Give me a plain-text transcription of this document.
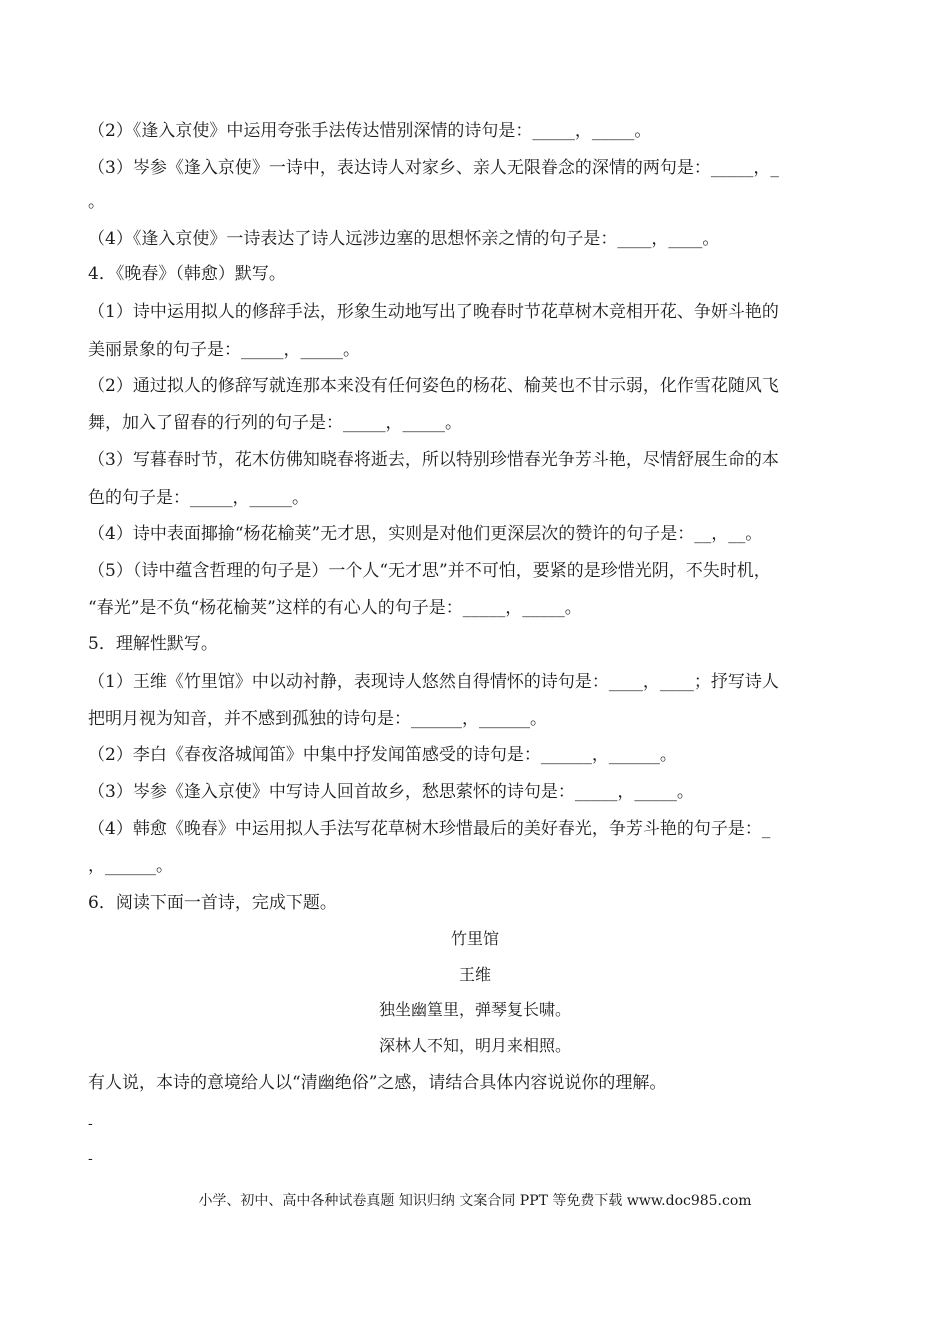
（2）《逢入京使》中运用夸张手法传达惜别深情的诗句是：_____，_____。
（3）岑参《逢入京使》一诗中，表达诗人对家乡、亲人无限眷念的深情的两句是：_____，_
。
（4）《逢入京使》一诗表达了诗人远涉边塞的思想怀亲之情的句子是：____，____。
4．《晚春》（韩愈）默写。
（1）诗中运用拟人的修辞手法，形象生动地写出了晚春时节花草树木竞相开花、争妍斗艳的
美丽景象的句子是：_____，_____。
（2）通过拟人的修辞写就连那本来没有任何姿色的杨花、榆荚也不甘示弱，化作雪花随风飞
舞，加入了留春的行列的句子是：_____，_____。
（3）写暮春时节，花木仿佛知晓春将逝去，所以特别珍惜春光争芳斗艳，尽情舒展生命的本
色的句子是：_____，_____。
（4）诗中表面揶揄“杨花榆荚”无才思，实则是对他们更深层次的赞许的句子是：__，__。
（5）（诗中蕴含哲理的句子是）一个人“无才思”并不可怕，要紧的是珍惜光阴，不失时机，
“春光”是不负“杨花榆荚”这样的有心人的句子是：_____，_____。
5．理解性默写。
（1）王维《竹里馆》中以动衬静，表现诗人悠然自得情怀的诗句是：____，____；抒写诗人
把明月视为知音，并不感到孤独的诗句是：______，______。
（2）李白《春夜洛城闻笛》中集中抒发闻笛感受的诗句是：______，______。
（3）岑参《逢入京使》中写诗人回首故乡，愁思萦怀的诗句是：_____，_____。
（4）韩愈《晚春》中运用拟人手法写花草树木珍惜最后的美好春光，争芳斗艳的句子是：_
，______。
6．阅读下面一首诗，完成下题。
竹里馆
王维
独坐幽篁里，弹琴复长啸。
深林人不知，明月来相照。
有人说，本诗的意境给人以“清幽绝俗”之感，请结合具体内容说说你的理解。
-
-
小学、初中、高中各种试卷真题 知识归纳 文案合同 PPT 等免费下载 www.doc985.com
